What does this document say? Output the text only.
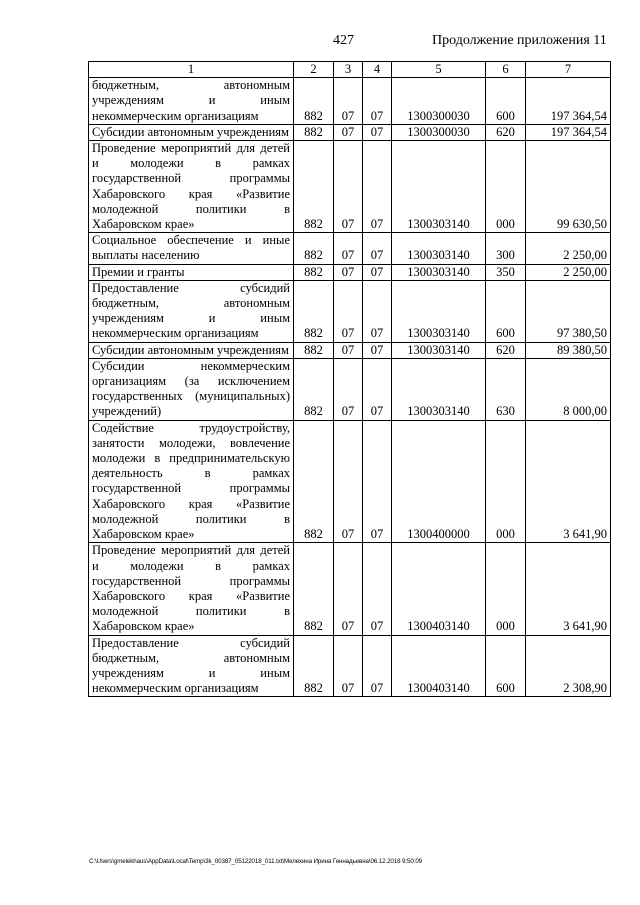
427	Продолжение приложения 11
1	2	3	4	5	6	7
бюджетным, автономным учреждениям и иным некоммерческим организациям	882	07	07	1300300030	600	197 364,54
Субсидии автономным учреждениям	882	07	07	1300300030	620	197 364,54
Проведение мероприятий для детей и молодежи в рамках государственной программы Хабаровского края «Развитие молодежной политики в Хабаровском крае»	882	07	07	1300303140	000	99 630,50
Социальное обеспечение и иные выплаты населению	882	07	07	1300303140	300	2 250,00
Премии и гранты	882	07	07	1300303140	350	2 250,00
Предоставление субсидий бюджетным, автономным учреждениям и иным некоммерческим организациям	882	07	07	1300303140	600	97 380,50
Субсидии автономным учреждениям	882	07	07	1300303140	620	89 380,50
Субсидии некоммерческим организациям (за исключением государственных (муниципальных) учреждений)	882	07	07	1300303140	630	8 000,00
Содействие трудоустройству, занятости молодежи, вовлечение молодежи в предпринимательскую деятельность в рамках государственной программы Хабаровского края «Развитие молодежной политики в Хабаровском крае»	882	07	07	1300400000	000	3 641,90
Проведение мероприятий для детей и молодежи в рамках государственной программы Хабаровского края «Развитие молодежной политики в Хабаровском крае»	882	07	07	1300403140	000	3 641,90
Предоставление субсидий бюджетным, автономным учреждениям и иным некоммерческим организациям	882	07	07	1300403140	600	2 308,90
C:\Users\gmelekhaus\AppData\Local\Temp\3k_00387_05122018_011.txt\Мелехина Ирина Геннадьевна\06.12.2018 9:50:09
